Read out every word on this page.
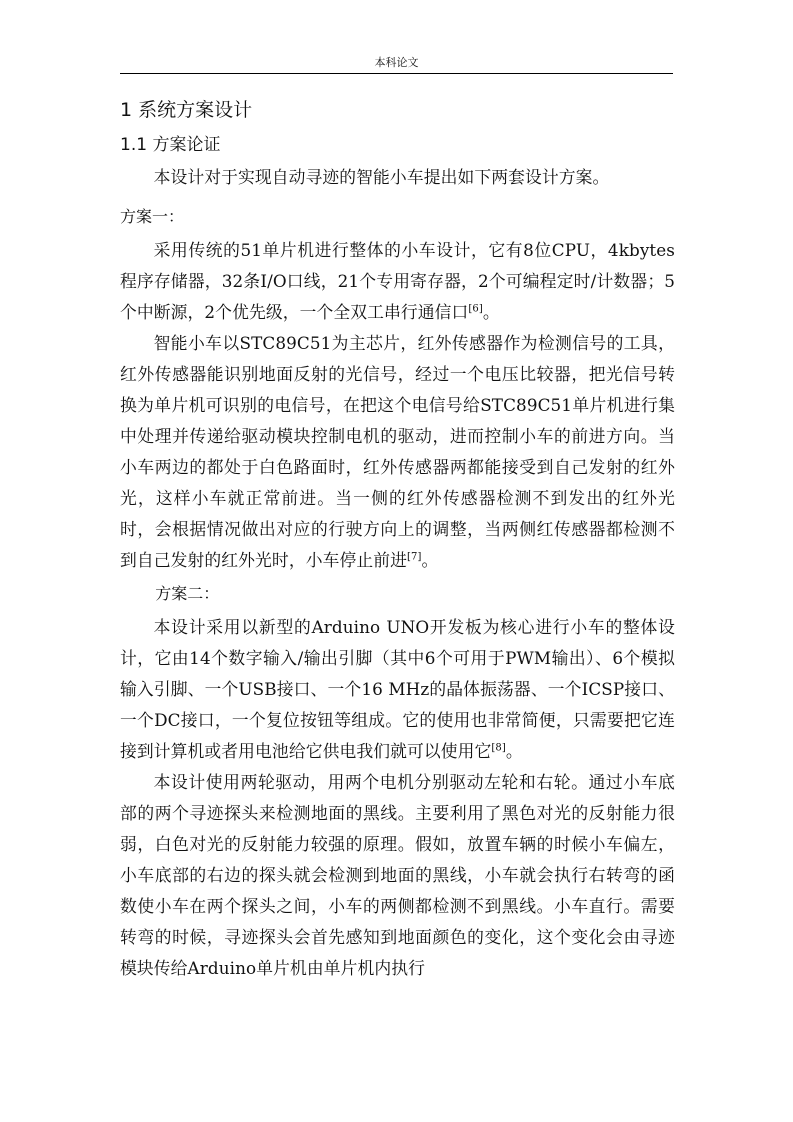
本科论文
1 系统方案设计
1.1 方案论证

本设计对于实现自动寻迹的智能小车提出如下两套设计方案。

方案一：

采用传统的51单片机进行整体的小车设计，它有8位CPU，4kbytes程序存储器，32条I/O口线，21个专用寄存器，2个可编程定时/计数器；5个中断源，2个优先级，一个全双工串行通信口[6]。

智能小车以STC89C51为主芯片，红外传感器作为检测信号的工具，红外传感器能识别地面反射的光信号，经过一个电压比较器，把光信号转换为单片机可识别的电信号，在把这个电信号给STC89C51单片机进行集中处理并传递给驱动模块控制电机的驱动，进而控制小车的前进方向。当小车两边的都处于白色路面时，红外传感器两都能接受到自己发射的红外光，这样小车就正常前进。当一侧的红外传感器检测不到发出的红外光时，会根据情况做出对应的行驶方向上的调整，当两侧红传感器都检测不到自己发射的红外光时，小车停止前进[7]。

方案二：

本设计采用以新型的Arduino UNO开发板为核心进行小车的整体设计，它由14个数字输入/输出引脚（其中6个可用于PWM输出）、6个模拟输入引脚、一个USB接口、一个16 MHz的晶体振荡器、一个ICSP接口、一个DC接口，一个复位按钮等组成。它的使用也非常简便，只需要把它连接到计算机或者用电池给它供电我们就可以使用它[8]。

本设计使用两轮驱动，用两个电机分别驱动左轮和右轮。通过小车底部的两个寻迹探头来检测地面的黑线。主要利用了黑色对光的反射能力很弱，白色对光的反射能力较强的原理。假如，放置车辆的时候小车偏左，小车底部的右边的探头就会检测到地面的黑线，小车就会执行右转弯的函数使小车在两个探头之间，小车的两侧都检测不到黑线。小车直行。需要转弯的时候，寻迹探头会首先感知到地面颜色的变化，这个变化会由寻迹模块传给Arduino单片机由单片机内执行
